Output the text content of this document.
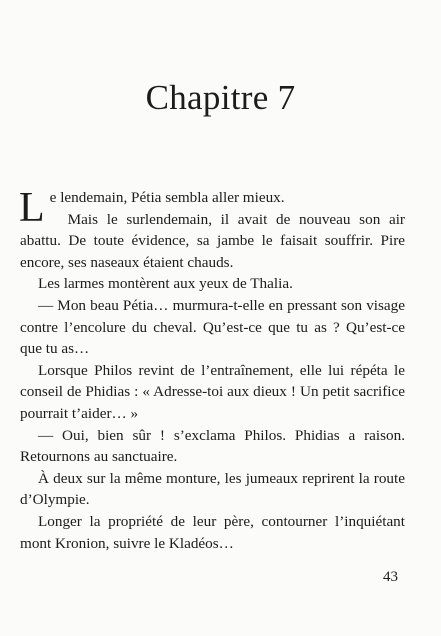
Chapitre 7

Le lendemain, Pétia sembla aller mieux.

Mais le surlendemain, il avait de nouveau son air abattu. De toute évidence, sa jambe le faisait souffrir. Pire encore, ses naseaux étaient chauds.

Les larmes montèrent aux yeux de Thalia.

— Mon beau Pétia… murmura-t-elle en pressant son visage contre l’encolure du cheval. Qu’est-ce que tu as ? Qu’est-ce que tu as…

Lorsque Philos revint de l’entraînement, elle lui répéta le conseil de Phidias : « Adresse-toi aux dieux ! Un petit sacrifice pourrait t’aider… »

— Oui, bien sûr ! s’exclama Philos. Phidias a raison. Retournons au sanctuaire.

À deux sur la même monture, les jumeaux reprirent la route d’Olympie.

Longer la propriété de leur père, contourner l’inquiétant mont Kronion, suivre le Kladéos…

43
